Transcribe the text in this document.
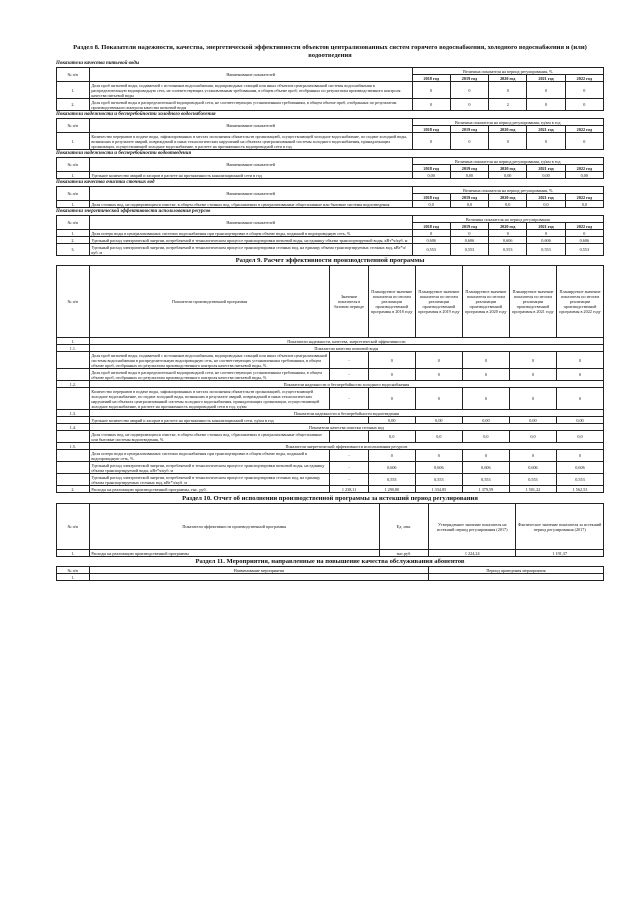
Раздел 8. Показатели надежности, качества, энергетической эффективности объектов централизованных систем горячего водоснабжения, холодного водоснабжения и (или) водоотведения
Показатели качества питьевой воды
№ п/п	Наименование показателей	Величина показателя на период регулирования, %				
		2018 год	2019 год	2020 год	2021 год	2022 год
1.	Доля проб питьевой воды, подаваемой с источников водоснабжения, водопроводных станций или иных объектов централизованной системы водоснабжения в распределительную водопроводную сеть, не соответствующих установленным требованиям, в общем объеме проб, отобранных по результатам производственного контроля качества питьевой воды	0	0	0	0	0
2.	Доля проб питьевой воды в распределительной водопроводной сети, не соответствующих установленным требованиям, в общем объеме проб, отобранных по результатам производственного контроля качества питьевой воды	0	0	2	0	0
Показатели надежности и бесперебойности холодного водоснабжения
№ п/п	Наименование показателей	Величина показателя на период регулирования, ед/км в год				
		2018 год	2019 год	2020 год	2021 год	2022 год
1.	Количество перерывов в подаче воды, зафиксированных в местах исполнения обязательств организацией, осуществляющей холодное водоснабжение, по подаче холодной воды, возникших в результате аварий, повреждений и иных технологических нарушений на объектах централизованной системы холодного водоснабжения, принадлежащих организации, осуществляющей холодное водоснабжение, в расчете на протяженность водопроводной сети в год	0	0	0	0	0
Показатели надежности и бесперебойности водоотведения
№ п/п	Наименование показателей	Величина показателя на период регулирования, ед/км в год				
		2018 год	2019 год	2020 год	2021 год	2022 год
1.	Удельное количество аварий и засоров в расчете на протяженность канализационной сети в год	0,00	0,00	0,00	0,00	0,00
Показатели качества очистки сточных вод
№ п/п	Наименование показателей	Величина показателя на период регулирования, %				
		2018 год	2019 год	2020 год	2021 год	2022 год
1.	Доля сточных вод, не подвергающихся очистке, в общем объеме сточных вод, сбрасываемых в централизованные общесплавные или бытовые системы водоотведения	0,0	0,0	0,0	0,0	0,0
Показатели энергетической эффективности использования ресурсов
№ п/п	Наименование показателей	Величина показателя на период регулирования				
		2018 год	2019 год	2020 год	2021 год	2022 год
1.	Доля потерь воды в централизованных системах водоснабжения при транспортировке в общем объеме воды, поданной в водопроводную сеть, %	0	0	0	0	0
2.	Удельный расход электрической энергии, потребляемой в технологическом процессе транспортировки питьевой воды, на единицу объема транспортируемой воды, кВт*ч/куб. м	0,606	0,606	0,606	0,606	0,606
3.	Удельный расход электрической энергии, потребляемой в технологическом процессе транспортировки сточных вод, на единицу объема транспортируемых сточных вод, кВт*ч/куб. м	0,553	0,553	0,553	0,553	0,553
Раздел 9. Расчет эффективности производственной программы
№ п/п	Показатели производственной программы	Значение показателя в базовом периоде	Планируемое значение показателя по итогам реализации производственной программы в 2018 году	Планируемое значение показателя по итогам реализации производственной программы в 2019 году	Планируемое значение показателя по итогам реализации производственной программы в 2020 году	Планируемое значение показателя по итогам реализации производственной программы в 2021 году	Планируемое значение показателя по итогам реализации производственной программы в 2022 году
1.	Показатели надежности, качества, энергетической эффективности						
1.1.	Показатели качества питьевой воды						
	Доля проб питьевой воды, подаваемой с источников водоснабжения, водопроводных станций или иных объектов централизованной системы водоснабжения в распределительную водопроводную сеть, не соответствующих установленным требованиям, в общем объеме проб, отобранных по результатам производственного контроля качества питьевой воды, %	-	0	0	0	0	0
	Доля проб питьевой воды в распределительной водопроводной сети, не соответствующих установленным требованиям, в общем объеме проб, отобранных по результатам производственного контроля качества питьевой воды, %	-	0	0	0	0	0
1.2.	Показатели надежности и бесперебойности холодного водоснабжения						
	Количество перерывов в подаче воды, зафиксированных в местах исполнения обязательств организацией, осуществляющей холодное водоснабжение, по подаче холодной воды, возникших в результате аварий, повреждений и иных технологических нарушений на объектах централизованной системы холодного водоснабжения, принадлежащих организации, осуществляющей холодное водоснабжение, в расчете на протяженность водопроводной сети в год, ед/км	-	0	0	0	0	0
1.3.	Показатели надежности и бесперебойности водоотведения						
	Удельное количество аварий и засоров в расчете на протяженность канализационной сети, ед/км в год		0,00	0,00	0,00	0,00	0,00
1.4.	Показатели качества очистки сточных вод						
	Доля сточных вод, не подвергающихся очистке, в общем объеме сточных вод, сбрасываемых в централизованные общесплавные или бытовые системы водоотведения, %		0,0	0,0	0,0	0,0	0,0
1.5.	Показатели энергетической эффективности использования ресурсов						
	Доля потерь воды в централизованных системах водоснабжения при транспортировке в общем объеме воды, поданной в водопроводную сеть, %	-	0	0	0	0	0
	Удельный расход электрической энергии, потребляемой в технологическом процессе транспортировки питьевой воды, на единицу объема транспортируемой воды, кВт*ч/куб. м	-	0,606	0,606	0,606	0,606	0,606
	Удельный расход электрической энергии, потребляемой в технологическом процессе транспортировки сточных вод, на единицу объема транспортируемых сточных вод, кВт*ч/куб. м	-	0,553	0,553	0,553	0,553	0,553
2.	Расходы на реализацию производственной программы, тыс. руб.	1 238,11	1 290,80	1 334,85	1 379,59	1 501,22	1 562,53
Раздел 10. Отчет об исполнении производственной программы за истекший период регулирования
№ п/п	Показатели эффективности производственной программы	Ед. изм.	Утвержденное значение показателя на истекший период регулирования (2017)	Фактическое значение показателя за истекший период регулирования (2017)
1.	Расходы на реализацию производственной программы	тыс.руб.	1 224,24	1 191,37
Раздел 11. Мероприятия, направленные на повышение качества обслуживания абонентов
№ п/п	Наименование мероприятия	Период проведения мероприятия
1.		
